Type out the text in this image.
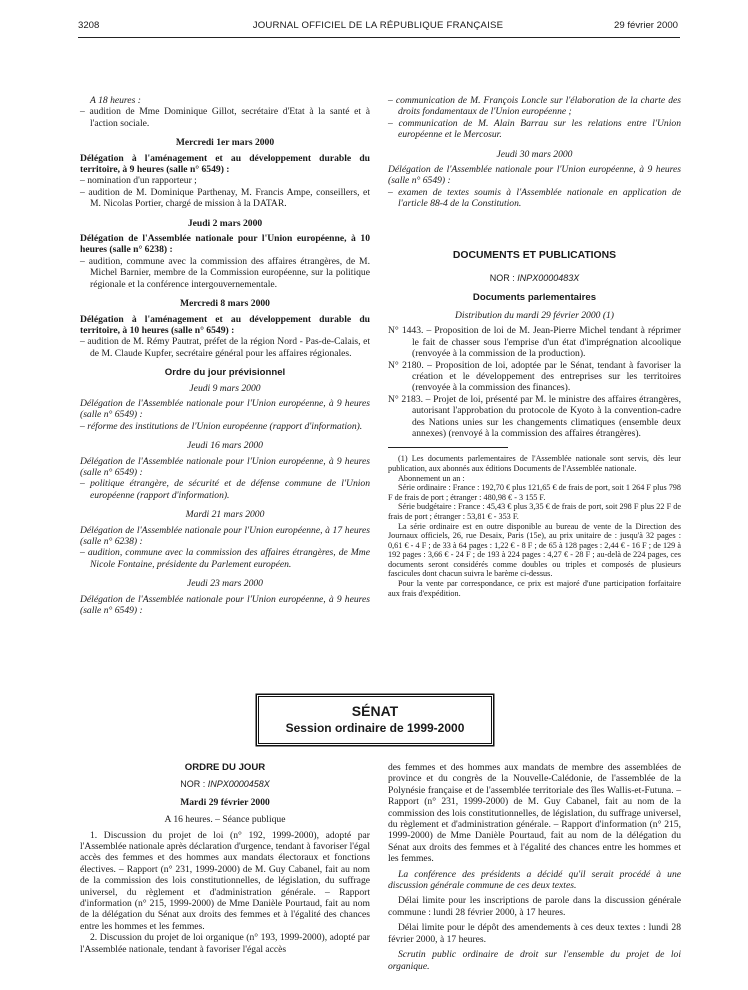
3208	JOURNAL OFFICIEL DE LA RÉPUBLIQUE FRANÇAISE	29 février 2000

A 18 heures :

– audition de Mme Dominique Gillot, secrétaire d'Etat à la santé et à l'action sociale.

Mercredi 1er mars 2000

Délégation à l'aménagement et au développement durable du territoire, à 9 heures (salle n° 6549) :

– nomination d'un rapporteur ;

– audition de M. Dominique Parthenay, M. Francis Ampe, conseillers, et M. Nicolas Portier, chargé de mission à la DATAR.

Jeudi 2 mars 2000

Délégation de l'Assemblée nationale pour l'Union européenne, à 10 heures (salle n° 6238) :

– audition, commune avec la commission des affaires étrangères, de M. Michel Barnier, membre de la Commission européenne, sur la politique régionale et la conférence intergouvernementale.

Mercredi 8 mars 2000

Délégation à l'aménagement et au développement durable du territoire, à 10 heures (salle n° 6549) :

– audition de M. Rémy Pautrat, préfet de la région Nord - Pas-de-Calais, et de M. Claude Kupfer, secrétaire général pour les affaires régionales.

Ordre du jour prévisionnel

Jeudi 9 mars 2000

Délégation de l'Assemblée nationale pour l'Union européenne, à 9 heures (salle n° 6549) :

– réforme des institutions de l'Union européenne (rapport d'information).

Jeudi 16 mars 2000

Délégation de l'Assemblée nationale pour l'Union européenne, à 9 heures (salle n° 6549) :

– politique étrangère, de sécurité et de défense commune de l'Union européenne (rapport d'information).

Mardi 21 mars 2000

Délégation de l'Assemblée nationale pour l'Union européenne, à 17 heures (salle n° 6238) :

– audition, commune avec la commission des affaires étrangères, de Mme Nicole Fontaine, présidente du Parlement européen.

Jeudi 23 mars 2000

Délégation de l'Assemblée nationale pour l'Union européenne, à 9 heures (salle n° 6549) :

– communication de M. François Loncle sur l'élaboration de la charte des droits fondamentaux de l'Union européenne ;

– communication de M. Alain Barrau sur les relations entre l'Union européenne et le Mercosur.

Jeudi 30 mars 2000

Délégation de l'Assemblée nationale pour l'Union européenne, à 9 heures (salle n° 6549) :

– examen de textes soumis à l'Assemblée nationale en application de l'article 88-4 de la Constitution.

DOCUMENTS ET PUBLICATIONS

NOR : INPX0000483X

Documents parlementaires

Distribution du mardi 29 février 2000 (1)

N° 1443. – Proposition de loi de M. Jean-Pierre Michel tendant à réprimer le fait de chasser sous l'emprise d'un état d'imprégnation alcoolique (renvoyée à la commission de la production).

N° 2180. – Proposition de loi, adoptée par le Sénat, tendant à favoriser la création et le développement des entreprises sur les territoires (renvoyée à la commission des finances).

N° 2183. – Projet de loi, présenté par M. le ministre des affaires étrangères, autorisant l'approbation du protocole de Kyoto à la convention-cadre des Nations unies sur les changements climatiques (ensemble deux annexes) (renvoyé à la commission des affaires étrangères).

(1) Les documents parlementaires de l'Assemblée nationale sont servis, dès leur publication, aux abonnés aux éditions Documents de l'Assemblée nationale.

Abonnement un an :

Série ordinaire : France : 192,70 € plus 121,65 € de frais de port, soit 1 264 F plus 798 F de frais de port ; étranger : 480,98 € - 3 155 F.

Série budgétaire : France : 45,43 € plus 3,35 € de frais de port, soit 298 F plus 22 F de frais de port ; étranger : 53,81 € - 353 F.

La série ordinaire est en outre disponible au bureau de vente de la Direction des Journaux officiels, 26, rue Desaix, Paris (15e), au prix unitaire de : jusqu'à 32 pages : 0,61 € - 4 F ; de 33 à 64 pages : 1,22 € - 8 F ; de 65 à 128 pages : 2,44 € - 16 F ; de 129 à 192 pages : 3,66 € - 24 F ; de 193 à 224 pages : 4,27 € - 28 F ; au-delà de 224 pages, ces documents seront considérés comme doubles ou triples et composés de plusieurs fascicules dont chacun suivra le barème ci-dessus.

Pour la vente par correspondance, ce prix est majoré d'une participation forfaitaire aux frais d'expédition.

SÉNAT
Session ordinaire de 1999-2000

ORDRE DU JOUR

NOR : INPX0000458X

Mardi 29 février 2000

A 16 heures. – Séance publique

1. Discussion du projet de loi (n° 192, 1999-2000), adopté par l'Assemblée nationale après déclaration d'urgence, tendant à favoriser l'égal accès des femmes et des hommes aux mandats électoraux et fonctions électives. – Rapport (n° 231, 1999-2000) de M. Guy Cabanel, fait au nom de la commission des lois constitutionnelles, de législation, du suffrage universel, du règlement et d'administration générale. – Rapport d'information (n° 215, 1999-2000) de Mme Danièle Pourtaud, fait au nom de la délégation du Sénat aux droits des femmes et à l'égalité des chances entre les hommes et les femmes.

2. Discussion du projet de loi organique (n° 193, 1999-2000), adopté par l'Assemblée nationale, tendant à favoriser l'égal accès

des femmes et des hommes aux mandats de membre des assemblées de province et du congrès de la Nouvelle-Calédonie, de l'assemblée de la Polynésie française et de l'assemblée territoriale des îles Wallis-et-Futuna. – Rapport (n° 231, 1999-2000) de M. Guy Cabanel, fait au nom de la commission des lois constitutionnelles, de législation, du suffrage universel, du règlement et d'administration générale. – Rapport d'information (n° 215, 1999-2000) de Mme Danièle Pourtaud, fait au nom de la délégation du Sénat aux droits des femmes et à l'égalité des chances entre les hommes et les femmes.

La conférence des présidents a décidé qu'il serait procédé à une discussion générale commune de ces deux textes.

Délai limite pour les inscriptions de parole dans la discussion générale commune : lundi 28 février 2000, à 17 heures.

Délai limite pour le dépôt des amendements à ces deux textes : lundi 28 février 2000, à 17 heures.

Scrutin public ordinaire de droit sur l'ensemble du projet de loi organique.
